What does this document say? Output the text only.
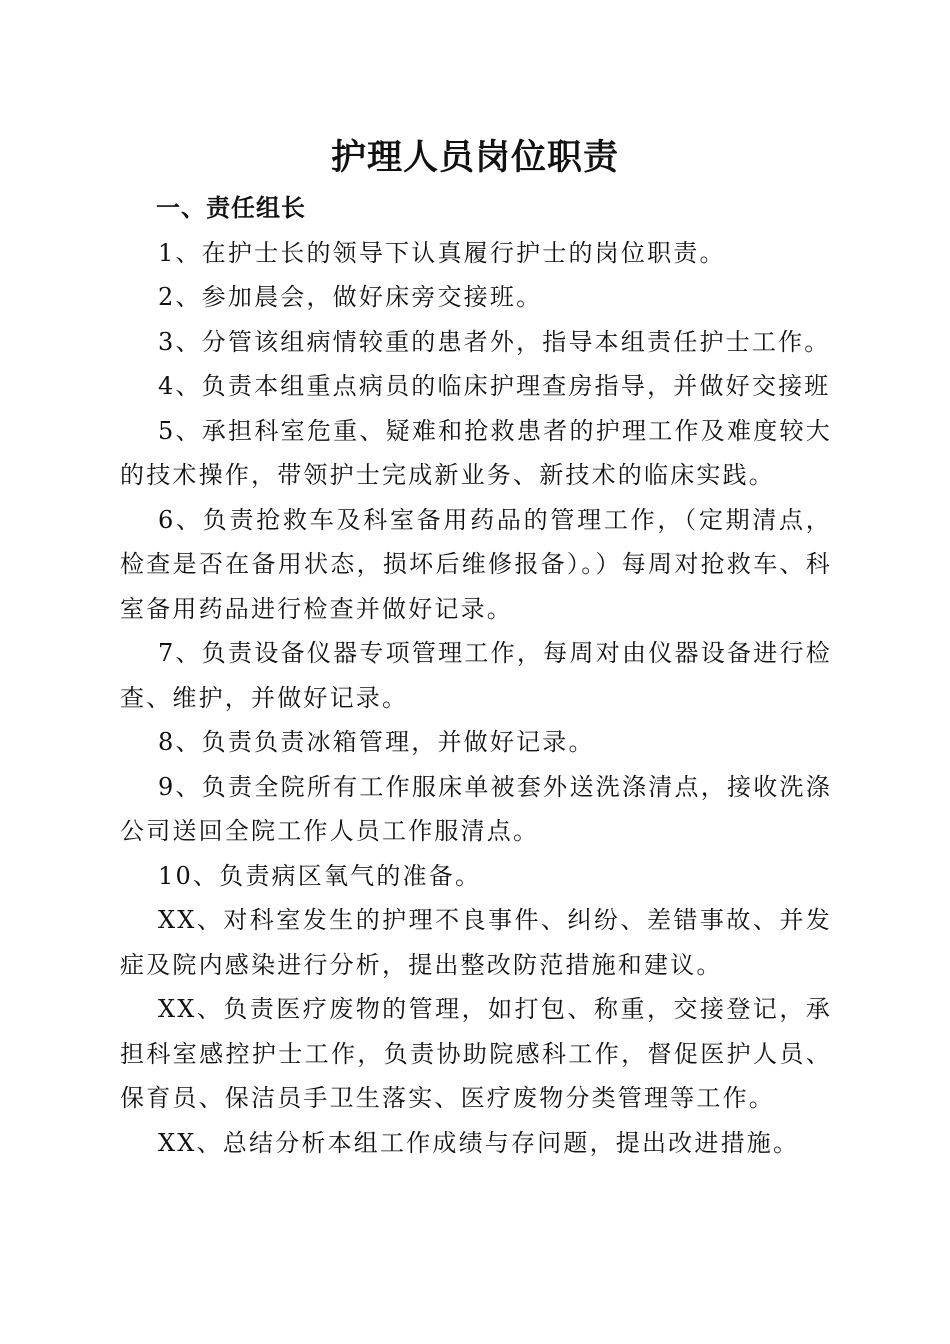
护理人员岗位职责

一、责任组长

1、在护士长的领导下认真履行护士的岗位职责。

2、参加晨会，做好床旁交接班。

3、分管该组病情较重的患者外，指导本组责任护士工作。

4、负责本组重点病员的临床护理查房指导，并做好交接班

5、承担科室危重、疑难和抢救患者的护理工作及难度较大的技术操作，带领护士完成新业务、新技术的临床实践。

6、负责抢救车及科室备用药品的管理工作，（定期清点，检查是否在备用状态，损坏后维修报备）。）每周对抢救车、科室备用药品进行检查并做好记录。

7、负责设备仪器专项管理工作，每周对由仪器设备进行检查、维护，并做好记录。

8、负责负责冰箱管理，并做好记录。

9、负责全院所有工作服床单被套外送洗涤清点，接收洗涤公司送回全院工作人员工作服清点。

10、负责病区氧气的准备。

XX、对科室发生的护理不良事件、纠纷、差错事故、并发症及院内感染进行分析，提出整改防范措施和建议。

XX、负责医疗废物的管理，如打包、称重，交接登记，承担科室感控护士工作，负责协助院感科工作，督促医护人员、保育员、保洁员手卫生落实、医疗废物分类管理等工作。

XX、总结分析本组工作成绩与存问题，提出改进措施。
